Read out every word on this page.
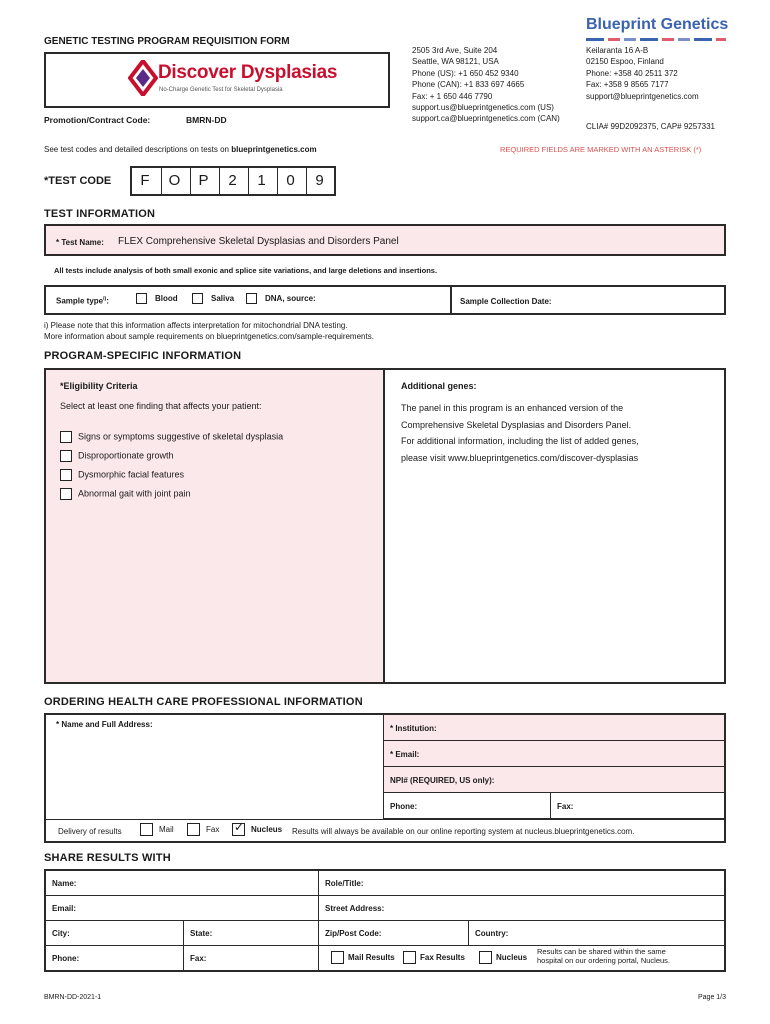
GENETIC TESTING PROGRAM REQUISITION FORM
Discover Dysplasias
No-Charge Genetic Test for Skeletal Dysplasia
Promotion/Contract Code:	BMRN-DD
2505 3rd Ave, Suite 204
Seattle, WA 98121, USA
Phone (US): +1 650 452 9340
Phone (CAN): +1 833 697 4665
Fax: + 1 650 446 7790
support.us@blueprintgenetics.com (US)
support.ca@blueprintgenetics.com (CAN)
Blueprint Genetics
Keilaranta 16 A-B
02150 Espoo, Finland
Phone: +358 40 2511 372
Fax: +358 9 8565 7177
support@blueprintgenetics.com
CLIA# 99D2092375, CAP# 9257331
See test codes and detailed descriptions on tests on blueprintgenetics.com	REQUIRED FIELDS ARE MARKED WITH AN ASTERISK (*)
*TEST CODE	F	O	P	2	1	0	9
TEST INFORMATION
* Test Name: FLEX Comprehensive Skeletal Dysplasias and Disorders Panel
All tests include analysis of both small exonic and splice site variations, and large deletions and insertions.
Sample type$^{i)}$:	Blood	Saliva	DNA, source:	Sample Collection Date:
i) Please note that this information affects interpretation for mitochondrial DNA testing.
More information about sample requirements on blueprintgenetics.com/sample-requirements.
PROGRAM-SPECIFIC INFORMATION
*Eligibility Criteria
Select at least one finding that affects your patient:
Signs or symptoms suggestive of skeletal dysplasia
Disproportionate growth
Dysmorphic facial features
Abnormal gait with joint pain
Additional genes:
The panel in this program is an enhanced version of the
Comprehensive Skeletal Dysplasias and Disorders Panel.
For additional information, including the list of added genes,
please visit www.blueprintgenetics.com/discover-dysplasias
ORDERING HEALTH CARE PROFESSIONAL INFORMATION
* Name and Full Address:	* Institution:
* Email:
NPI# (REQUIRED, US only):
Phone:	Fax:
Delivery of results	Mail	Fax
✓	Nucleus Results will always be available on our online reporting system at nucleus.blueprintgenetics.com.
SHARE RESULTS WITH
Name:	Role/Title:
Email:	Street Address:
City:	State:	Zip/Post Code:	Country:
Phone:	Fax:	Mail Results	Fax Results	Nucleus
Results can be shared within the same
hospital on our ordering portal, Nucleus.
BMRN-DD-2021-1	Page 1/3
